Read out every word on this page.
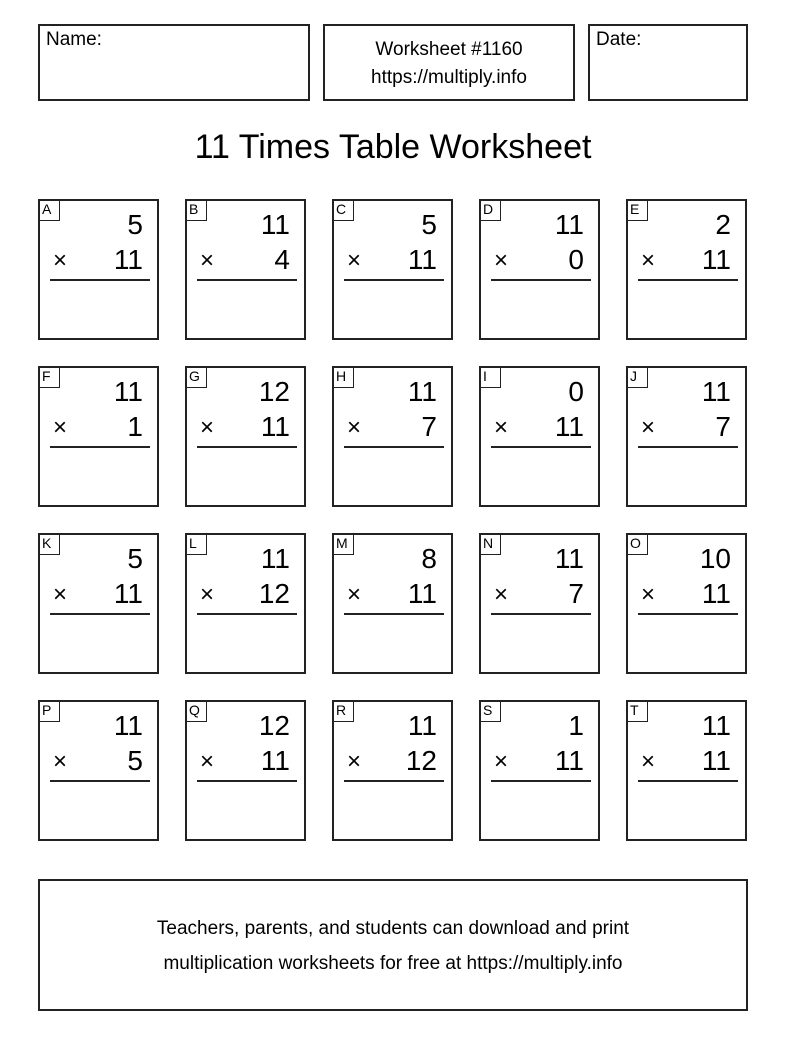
Name:	Worksheet #1160
https://multiply.info
Date:
11 Times Table Worksheet
A	5
× 11
B	11
× 4
C	5
× 11
D 11
× 0
E	2
× 11
F	11
× 1
G 12
× 11
H 11
× 7
I	0
× 11
J	11
× 7
K	5
× 11
L	11
× 12
M	8
× 11
N 11
× 7
O 10
× 11
P	11
× 5
Q 12
× 11
R 11
× 12
S	1
× 11
T	11
× 11
Teachers, parents, and students can download and print
multiplication worksheets for free at https://multiply.info
